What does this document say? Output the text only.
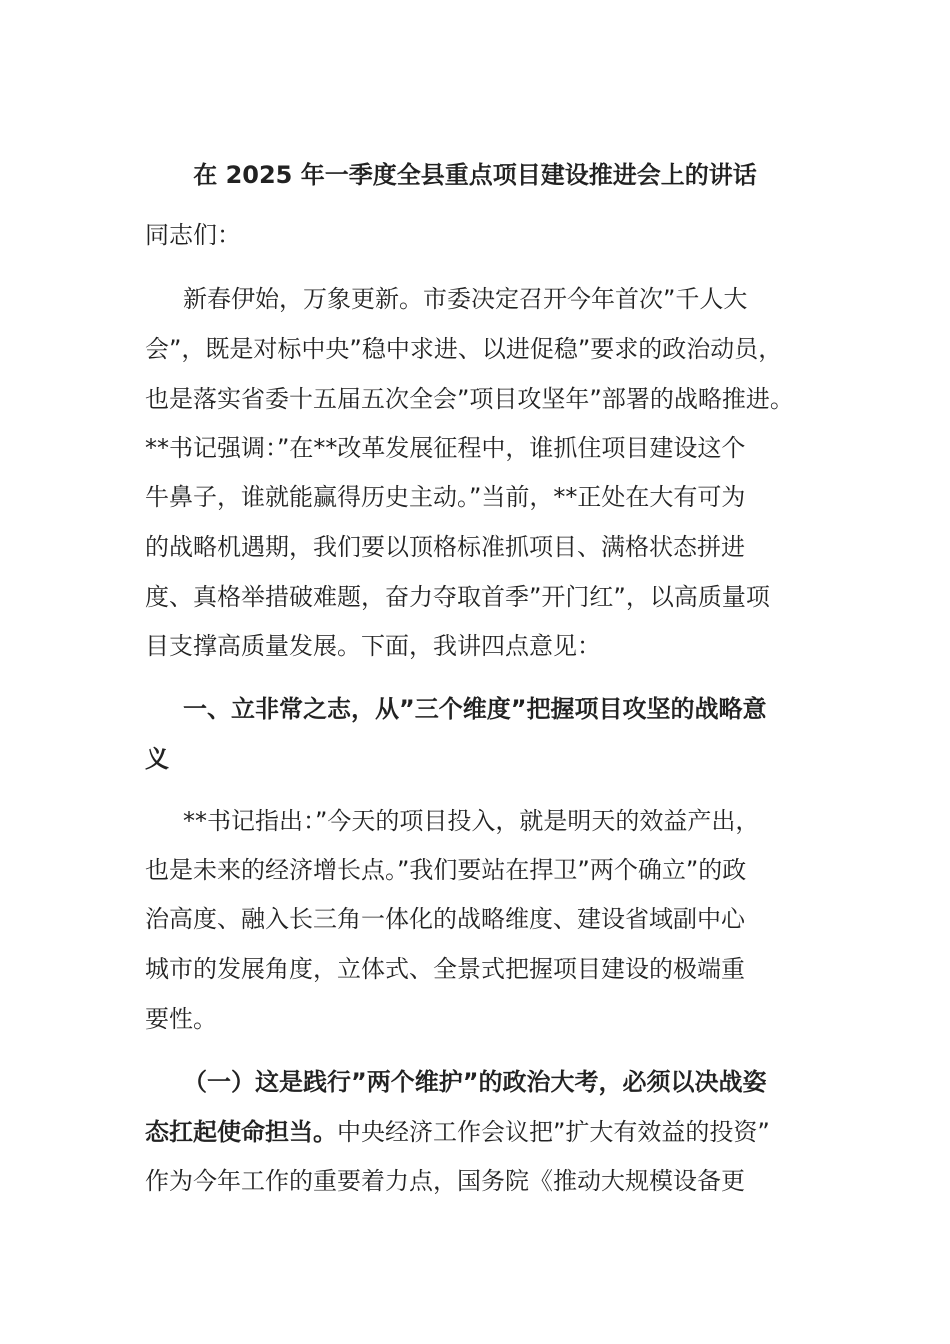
在 2025 年一季度全县重点项目建设推进会上的讲话

同志们：

新春伊始，万象更新。市委决定召开今年首次”千人大

会”，既是对标中央”稳中求进、以进促稳”要求的政治动员，

也是落实省委十五届五次全会”项目攻坚年”部署的战略推进。

**书记强调：”在**改革发展征程中，谁抓住项目建设这个

牛鼻子，谁就能赢得历史主动。”当前，**正处在大有可为

的战略机遇期，我们要以顶格标准抓项目、满格状态拼进

度、真格举措破难题，奋力夺取首季”开门红”，以高质量项

目支撑高质量发展。下面，我讲四点意见：

一、立非常之志，从”三个维度”把握项目攻坚的战略意

义

**书记指出：”今天的项目投入，就是明天的效益产出，

也是未来的经济增长点。”我们要站在捍卫”两个确立”的政

治高度、融入长三角一体化的战略维度、建设省域副中心

城市的发展角度，立体式、全景式把握项目建设的极端重

要性。

（一）这是践行”两个维护”的政治大考，必须以决战姿

态扛起使命担当。中央经济工作会议把”扩大有效益的投资”

作为今年工作的重要着力点，国务院《推动大规模设备更
